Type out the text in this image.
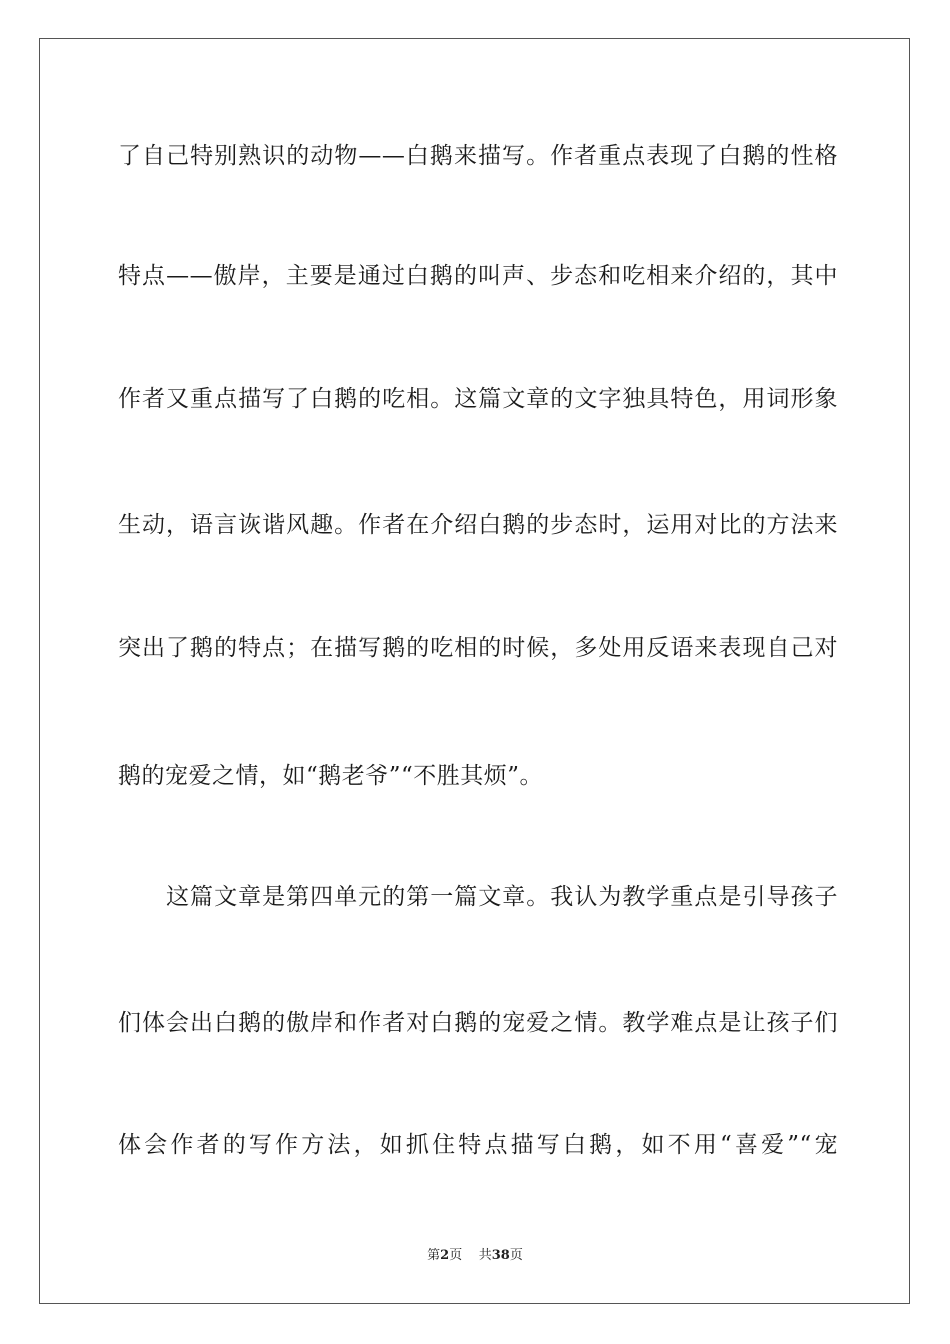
了自己特别熟识的动物——白鹅来描写。作者重点表现了白鹅的性格
特点——傲岸，主要是通过白鹅的叫声、步态和吃相来介绍的，其中
作者又重点描写了白鹅的吃相。这篇文章的文字独具特色，用词形象
生动，语言诙谐风趣。作者在介绍白鹅的步态时，运用对比的方法来
突出了鹅的特点；在描写鹅的吃相的时候，多处用反语来表现自己对
鹅的宠爱之情，如“鹅老爷”“不胜其烦”。
　　这篇文章是第四单元的第一篇文章。我认为教学重点是引导孩子
们体会出白鹅的傲岸和作者对白鹅的宠爱之情。教学难点是让孩子们
体会作者的写作方法，如抓住特点描写白鹅，如不用“喜爱”“宠
第2页 共38页
